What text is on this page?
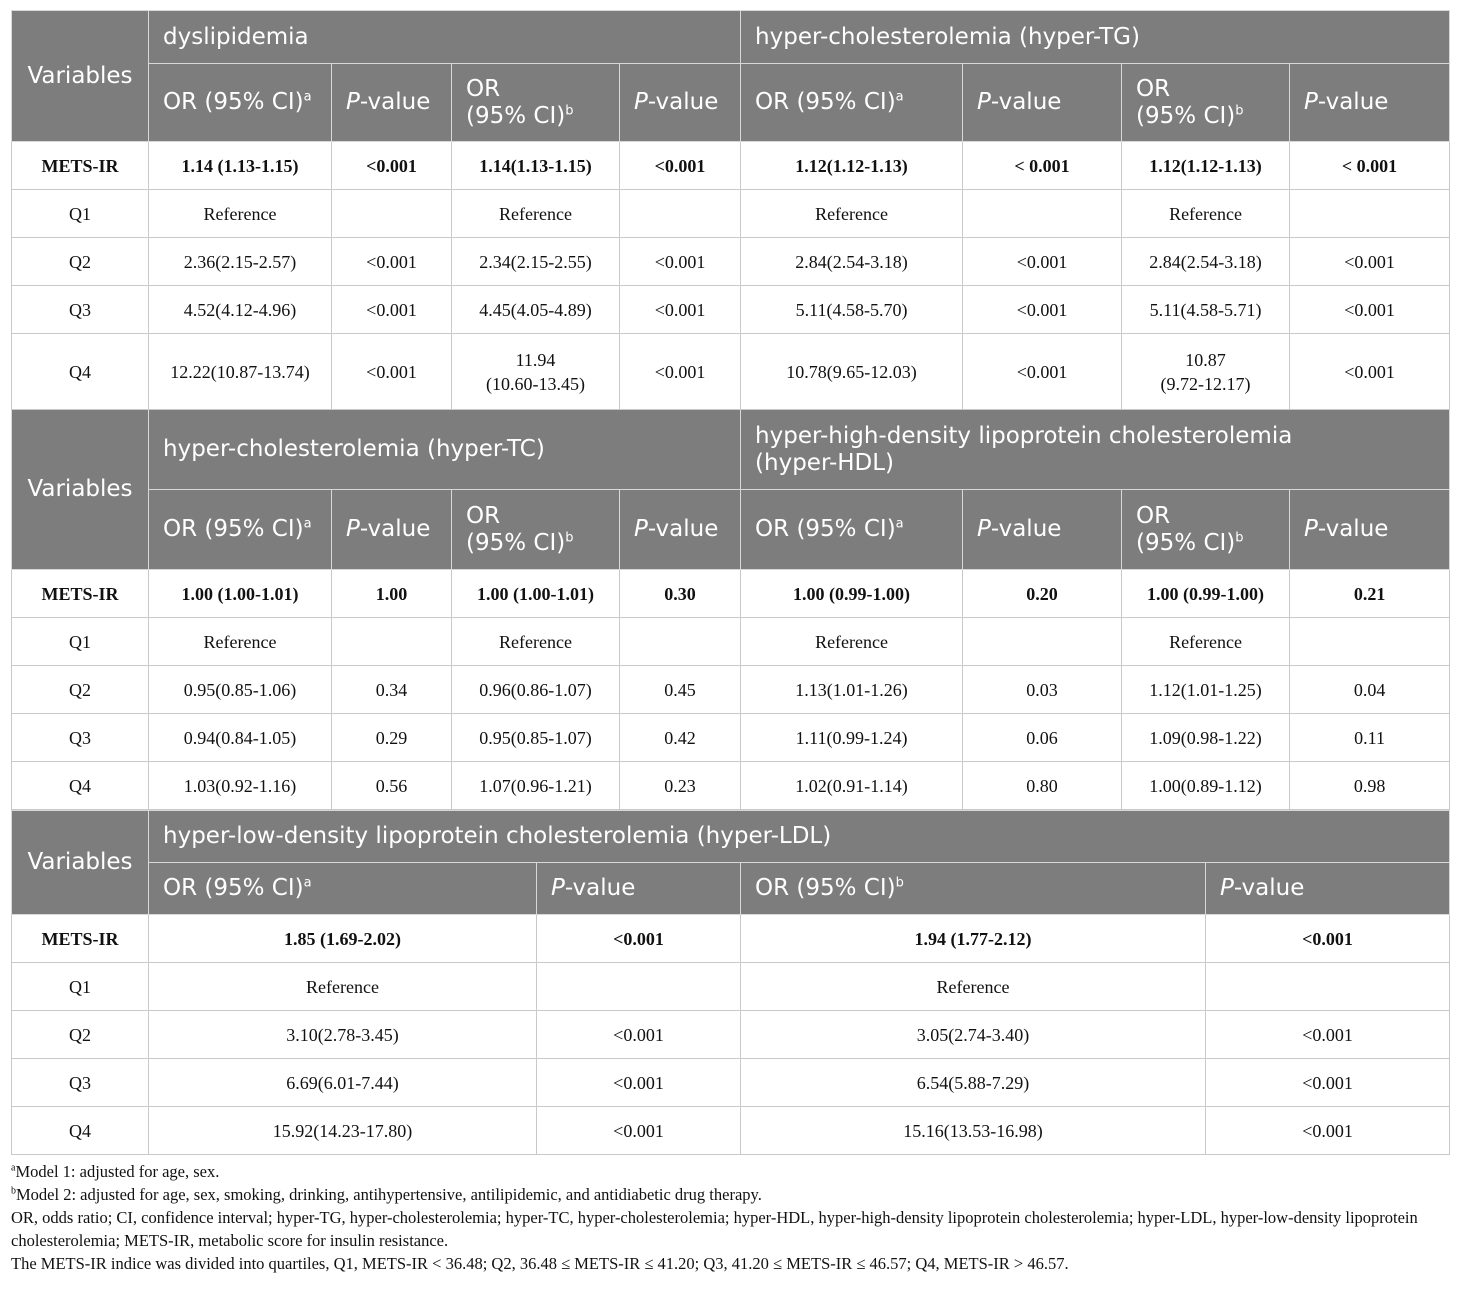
Variables	dyslipidemia				hyper-cholesterolemia (hyper-TG)			
	OR (95% CI)$^a$	P-value	OR
(95% CI)$^b$	P-value	OR (95% CI)$^a$	P-value	OR
(95% CI)$^b$	P-value
METS-IR	1.14 (1.13-1.15)	<0.001	1.14(1.13-1.15)	<0.001	1.12(1.12-1.13)	< 0.001	1.12(1.12-1.13)	< 0.001
Q1	Reference		Reference		Reference		Reference	
Q2	2.36(2.15-2.57)	<0.001	2.34(2.15-2.55)	<0.001	2.84(2.54-3.18)	<0.001	2.84(2.54-3.18)	<0.001
Q3	4.52(4.12-4.96)	<0.001	4.45(4.05-4.89)	<0.001	5.11(4.58-5.70)	<0.001	5.11(4.58-5.71)	<0.001
Q4	12.22(10.87-13.74)	<0.001	11.94
(10.60-13.45)	<0.001	10.78(9.65-12.03)	<0.001	10.87
(9.72-12.17)	<0.001
Variables	hyper-cholesterolemia (hyper-TC)				hyper-high-density lipoprotein cholesterolemia
(hyper-HDL)			
	OR (95% CI)$^a$	P-value	OR
(95% CI)$^b$	P-value	OR (95% CI)$^a$	P-value	OR
(95% CI)$^b$	P-value
METS-IR	1.00 (1.00-1.01)	1.00	1.00 (1.00-1.01)	0.30	1.00 (0.99-1.00)	0.20	1.00 (0.99-1.00)	0.21
Q1	Reference		Reference		Reference		Reference	
Q2	0.95(0.85-1.06)	0.34	0.96(0.86-1.07)	0.45	1.13(1.01-1.26)	0.03	1.12(1.01-1.25)	0.04
Q3	0.94(0.84-1.05)	0.29	0.95(0.85-1.07)	0.42	1.11(0.99-1.24)	0.06	1.09(0.98-1.22)	0.11
Q4	1.03(0.92-1.16)	0.56	1.07(0.96-1.21)	0.23	1.02(0.91-1.14)	0.80	1.00(0.89-1.12)	0.98
Variables	hyper-low-density lipoprotein cholesterolemia (hyper-LDL)			
	OR (95% CI)$^a$	P-value	OR (95% CI)$^b$	P-value
METS-IR	1.85 (1.69-2.02)	<0.001	1.94 (1.77-2.12)	<0.001
Q1	Reference		Reference	
Q2	3.10(2.78-3.45)	<0.001	3.05(2.74-3.40)	<0.001
Q3	6.69(6.01-7.44)	<0.001	6.54(5.88-7.29)	<0.001
Q4	15.92(14.23-17.80)	<0.001	15.16(13.53-16.98)	<0.001

$^a$Model 1: adjusted for age, sex.

$^b$Model 2: adjusted for age, sex, smoking, drinking, antihypertensive, antilipidemic, and antidiabetic drug therapy.

OR, odds ratio; CI, confidence interval; hyper-TG, hyper-cholesterolemia; hyper-TC, hyper-cholesterolemia; hyper-HDL, hyper-high-density lipoprotein cholesterolemia; hyper-LDL, hyper-low-density lipoprotein cholesterolemia; METS-IR, metabolic score for insulin resistance.

The METS-IR indice was divided into quartiles, Q1, METS-IR < 36.48; Q2, 36.48 ≤ METS-IR ≤ 41.20; Q3, 41.20 ≤ METS-IR ≤ 46.57; Q4, METS-IR > 46.57.
